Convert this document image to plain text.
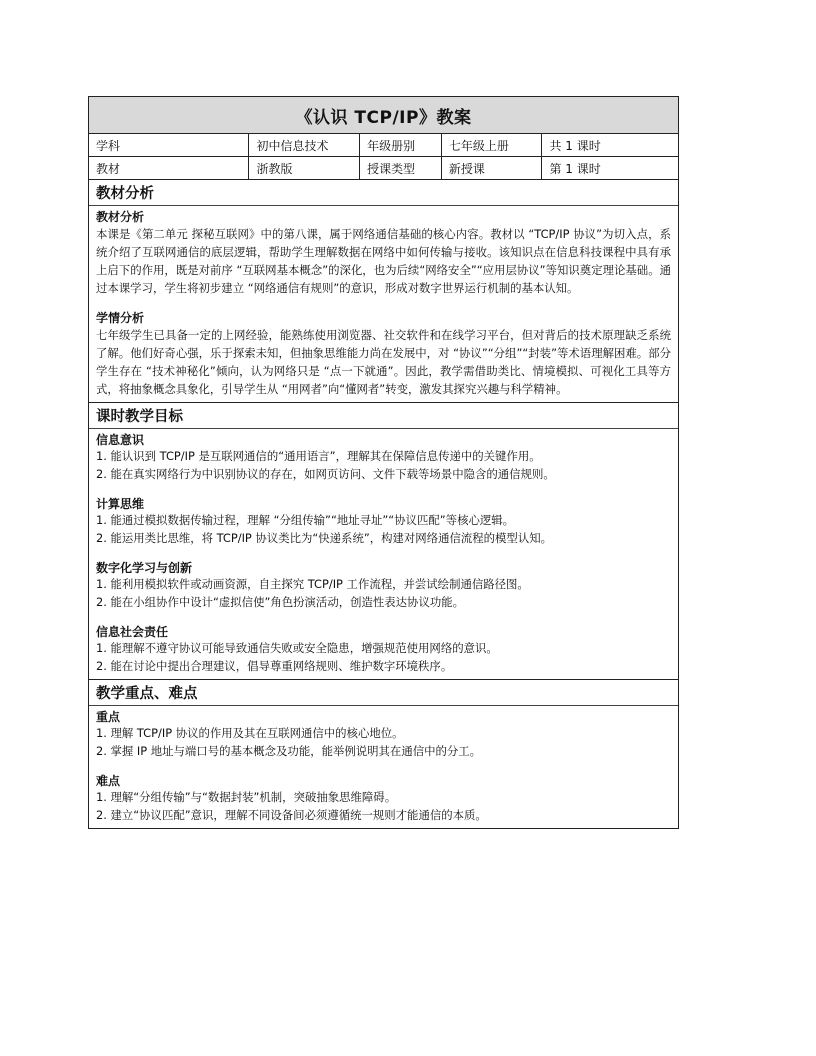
《认识 TCP/IP》教案
学科	初中信息技术	年级册别	七年级上册	共 1 课时
教材	浙教版	授课类型	新授课	第 1 课时
教材分析
教材分析
本课是《第二单元 探秘互联网》中的第八课，属于网络通信基础的核心内容。教材以 “TCP/IP 协议”为切入点，系统介绍了互联网通信的底层逻辑，帮助学生理解数据在网络中如何传输与接收。该知识点在信息科技课程中具有承上启下的作用，既是对前序 “互联网基本概念”的深化，也为后续“网络安全”“应用层协议”等知识奠定理论基础。通过本课学习，学生将初步建立 “网络通信有规则”的意识，形成对数字世界运行机制的基本认知。
学情分析
七年级学生已具备一定的上网经验，能熟练使用浏览器、社交软件和在线学习平台，但对背后的技术原理缺乏系统了解。他们好奇心强，乐于探索未知，但抽象思维能力尚在发展中，对 “协议”“分组”“封装”等术语理解困难。部分学生存在 “技术神秘化”倾向，认为网络只是 “点一下就通”。因此，教学需借助类比、情境模拟、可视化工具等方式，将抽象概念具象化，引导学生从 “用网者”向“懂网者”转变，激发其探究兴趣与科学精神。
课时教学目标
信息意识
1. 能认识到 TCP/IP 是互联网通信的“通用语言”，理解其在保障信息传递中的关键作用。
2. 能在真实网络行为中识别协议的存在，如网页访问、文件下载等场景中隐含的通信规则。
计算思维
1. 能通过模拟数据传输过程，理解 “分组传输”“地址寻址”“协议匹配”等核心逻辑。
2. 能运用类比思维，将 TCP/IP 协议类比为“快递系统”，构建对网络通信流程的模型认知。
数字化学习与创新
1. 能利用模拟软件或动画资源，自主探究 TCP/IP 工作流程，并尝试绘制通信路径图。
2. 能在小组协作中设计“虚拟信使”角色扮演活动，创造性表达协议功能。
信息社会责任
1. 能理解不遵守协议可能导致通信失败或安全隐患，增强规范使用网络的意识。
2. 能在讨论中提出合理建议，倡导尊重网络规则、维护数字环境秩序。
教学重点、难点
重点
1. 理解 TCP/IP 协议的作用及其在互联网通信中的核心地位。
2. 掌握 IP 地址与端口号的基本概念及功能，能举例说明其在通信中的分工。
难点
1. 理解“分组传输”与“数据封装”机制，突破抽象思维障碍。
2. 建立“协议匹配”意识，理解不同设备间必须遵循统一规则才能通信的本质。
